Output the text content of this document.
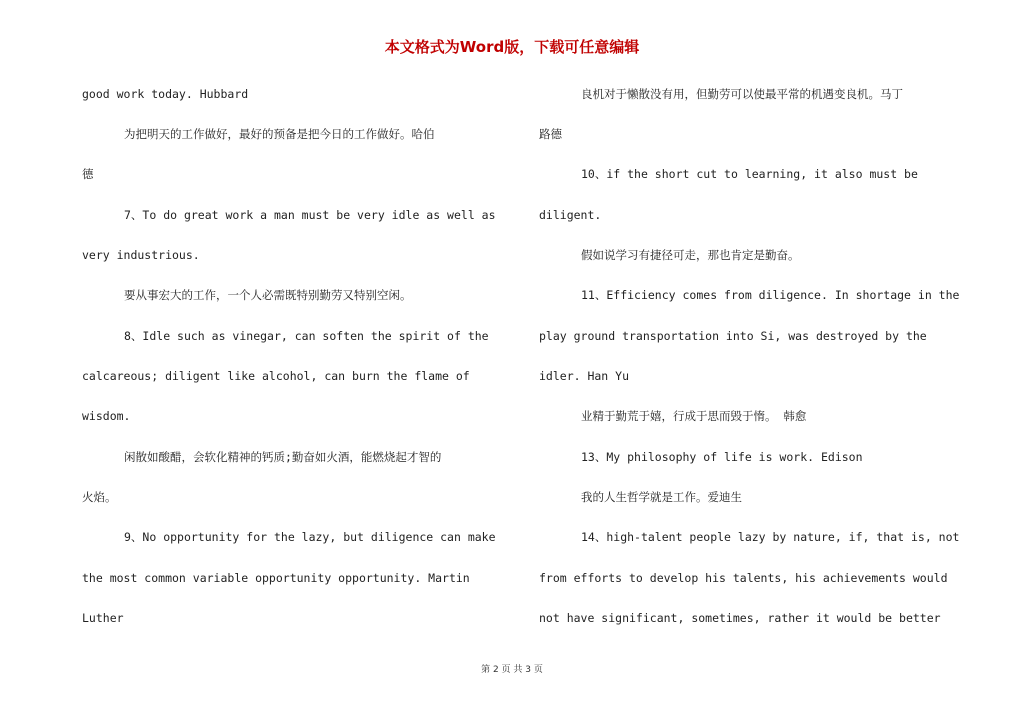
本文格式为Word版，下载可任意编辑
good work today. Hubbard
为把明天的工作做好，最好的预备是把今日的工作做好。哈伯
德
7、To do great work a man must be very idle as well as
very industrious.
要从事宏大的工作，一个人必需既特别勤劳又特别空闲。
8、Idle such as vinegar, can soften the spirit of the
calcareous; diligent like alcohol, can burn the flame of
wisdom.
闲散如酸醋，会软化精神的钙质;勤奋如火酒，能燃烧起才智的
火焰。
9、No opportunity for the lazy, but diligence can make
the most common variable opportunity opportunity. Martin
Luther
良机对于懒散没有用，但勤劳可以使最平常的机遇变良机。马丁
路德
10、if the short cut to learning, it also must be
diligent.
假如说学习有捷径可走，那也肯定是勤奋。
11、Efficiency comes from diligence. In shortage in the
play ground transportation into Si, was destroyed by the
idler. Han Yu
业精于勤荒于嬉，行成于思而毁于惰。 韩愈
13、My philosophy of life is work. Edison
我的人生哲学就是工作。爱迪生
14、high-talent people lazy by nature, if, that is, not
from efforts to develop his talents, his achievements would
not have significant, sometimes, rather it would be better
第 2 页 共 3 页
